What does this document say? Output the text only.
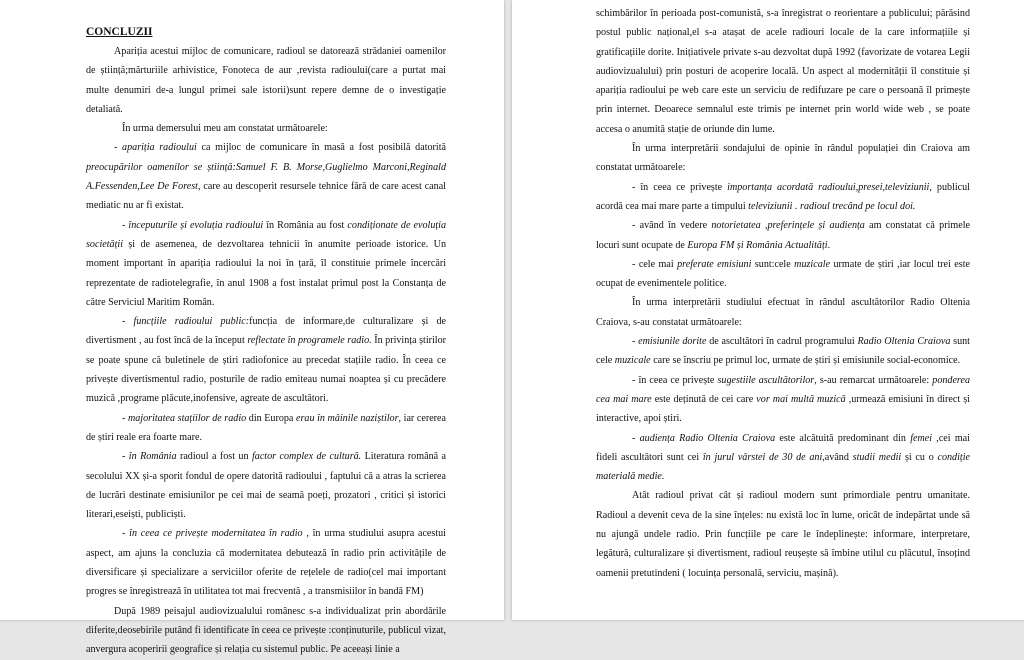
CONCLUZII

Apariția acestui mijloc de comunicare, radioul se datorează strădaniei oamenilor de știință;mărturiile arhivistice, Fonoteca de aur ,revista radioului(care a purtat mai multe denumiri de-a lungul primei sale istorii)sunt repere demne de o investigație detaliată.

În urma demersului meu am constatat următoarele:

- apariția radioului ca mijloc de comunicare în masă a fost posibilă datorită preocupărilor oamenilor se știință:Samuel F. B. Morse,Guglielmo Marconi,Reginald A.Fessenden,Lee De Forest, care au descoperit resursele tehnice fără de care acest canal mediatic nu ar fi existat.

- începuturile și evoluția radioului în România au fost condiționate de evoluția societății și de asemenea, de dezvoltarea tehnicii în anumite perioade istorice. Un moment important în apariția radioului la noi în țară, îl constituie primele încercări reprezentate de radiotelegrafie, în anul 1908 a fost instalat primul post la Constanța de către Serviciul Maritim Român.

- funcțiile radioului public:funcția de informare,de culturalizare și de divertisment , au fost încă de la început reflectate în programele radio. În privința știrilor se poate spune că buletinele de știri radiofonice au precedat stațiile radio. În ceea ce privește divertismentul radio, posturile de radio emiteau numai noaptea și cu precădere muzică ,programe plăcute,inofensive, agreate de ascultători.

- majoritatea stațiilor de radio din Europa erau în mâinile naziștilor, iar cererea de știri reale era foarte mare.

- în România radioul a fost un factor complex de cultură. Literatura română a secolului XX și-a sporit fondul de opere datorită radioului , faptului că a atras la scrierea de lucrări destinate emisiunilor pe cei mai de seamă poeți, prozatori , critici și istorici literari,eseiști, publiciști.

- în ceea ce privește modernitatea în radio , în urma studiului asupra acestui aspect, am ajuns la concluzia că modernitatea debutează în radio prin activitățile de diversificare și specializare a serviciilor oferite de rețelele de radio(cel mai important progres se înregistrează în utilitatea tot mai frecventă , a transmisiilor în bandă FM)

După 1989 peisajul audiovizualului românesc s-a individualizat prin abordările diferite,deosebirile putând fi identificate în ceea ce privește :conținuturile, publicul vizat, anvergura acoperirii geografice și relația cu sistemul public. Pe aceeași linie a

schimbărilor în perioada post-comunistă, s-a înregistrat o reorientare a publicului; părăsind postul public național,el s-a atașat de acele radiouri locale de la care informațiile și gratificațiile dorite. Inițiativele private s-au dezvoltat după 1992 (favorizate de votarea Legii audiovizualului) prin posturi de acoperire locală. Un aspect al modernității îl constituie și apariția radioului pe web care este un serviciu de redifuzare pe care o persoană îl primește prin internet. Deoarece semnalul este trimis pe internet prin world wide web , se poate accesa o anumită stație de oriunde din lume.

În urma interpretării sondajului de opinie în rândul populației din Craiova am constatat următoarele:

- în ceea ce privește importanța acordată radioului,presei,televiziunii, publicul acordă cea mai mare parte a timpului televiziunii . radioul trecând pe locul doi.

- având în vedere notorietatea ,preferințele și audiența am constatat că primele locuri sunt ocupate de Europa FM și România Actualități.

- cele mai preferate emisiuni sunt:cele muzicale urmate de știri ,iar locul trei este ocupat de evenimentele politice.

În urma interpretării studiului efectuat în rândul ascultătorilor Radio Oltenia Craiova, s-au constatat următoarele:

- emisiunile dorite de ascultători în cadrul programului Radio Oltenia Craiova sunt cele muzicale care se înscriu pe primul loc, urmate de știri și emisiunile social-economice.

- în ceea ce privește sugestiile ascultătorilor, s-au remarcat următoarele: ponderea cea mai mare este deținută de cei care vor mai multă muzică ,urmează emisiuni în direct și interactive, apoi știri.

- audiența Radio Oltenia Craiova este alcătuită predominant din femei ,cei mai fideli ascultători sunt cei în jurul vârstei de 30 de ani,având studii medii și cu o condiție materială medie.

Atât radioul privat cât și radioul modern sunt primordiale pentru umanitate. Radioul a devenit ceva de la sine înțeles: nu există loc în lume, oricât de îndepărtat unde să nu ajungă undele radio. Prin funcțiile pe care le îndeplinește: informare, interpretare, legătură, culturalizare și divertisment, radioul reușește să îmbine utilul cu plăcutul, însoțind oamenii pretutindeni ( locuința personală, serviciu, mașină).
